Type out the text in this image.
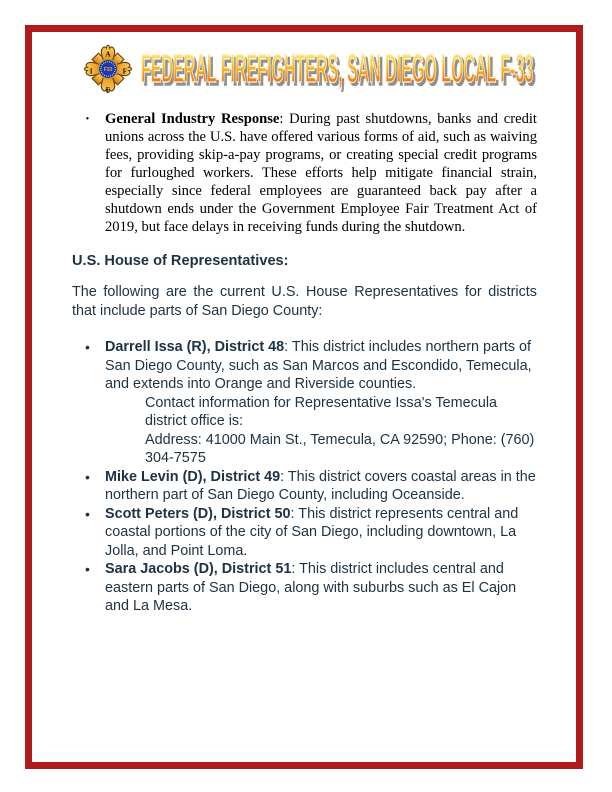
A
I F
F
F33 FEDERAL FIREFIGHTERS, SAN DIEGO LOCAL F-33
·	General Industry Response: During past shutdowns, banks and credit unions across the U.S. have offered various forms of aid, such as waiving fees, providing skip-a-pay programs, or creating special credit programs for furloughed workers. These efforts help mitigate financial strain, especially since federal employees are guaranteed back pay after a shutdown ends under the Government Employee Fair Treatment Act of 2019, but face delays in receiving funds during the shutdown.
U.S. House of Representatives:

The following are the current U.S. House Representatives for districts that include parts of San Diego County:

•	Darrell Issa (R), District 48: This district includes northern parts of San Diego County, such as San Marcos and Escondido, Temecula, and extends into Orange and Riverside counties.
Contact information for Representative Issa's Temecula district office is:
Address: 41000 Main St., Temecula, CA 92590; Phone: (760) 304-7575
•	Mike Levin (D), District 49: This district covers coastal areas in the northern part of San Diego County, including Oceanside.
•	Scott Peters (D), District 50: This district represents central and coastal portions of the city of San Diego, including downtown, La Jolla, and Point Loma.
•	Sara Jacobs (D), District 51: This district includes central and eastern parts of San Diego, along with suburbs such as El Cajon and La Mesa.
